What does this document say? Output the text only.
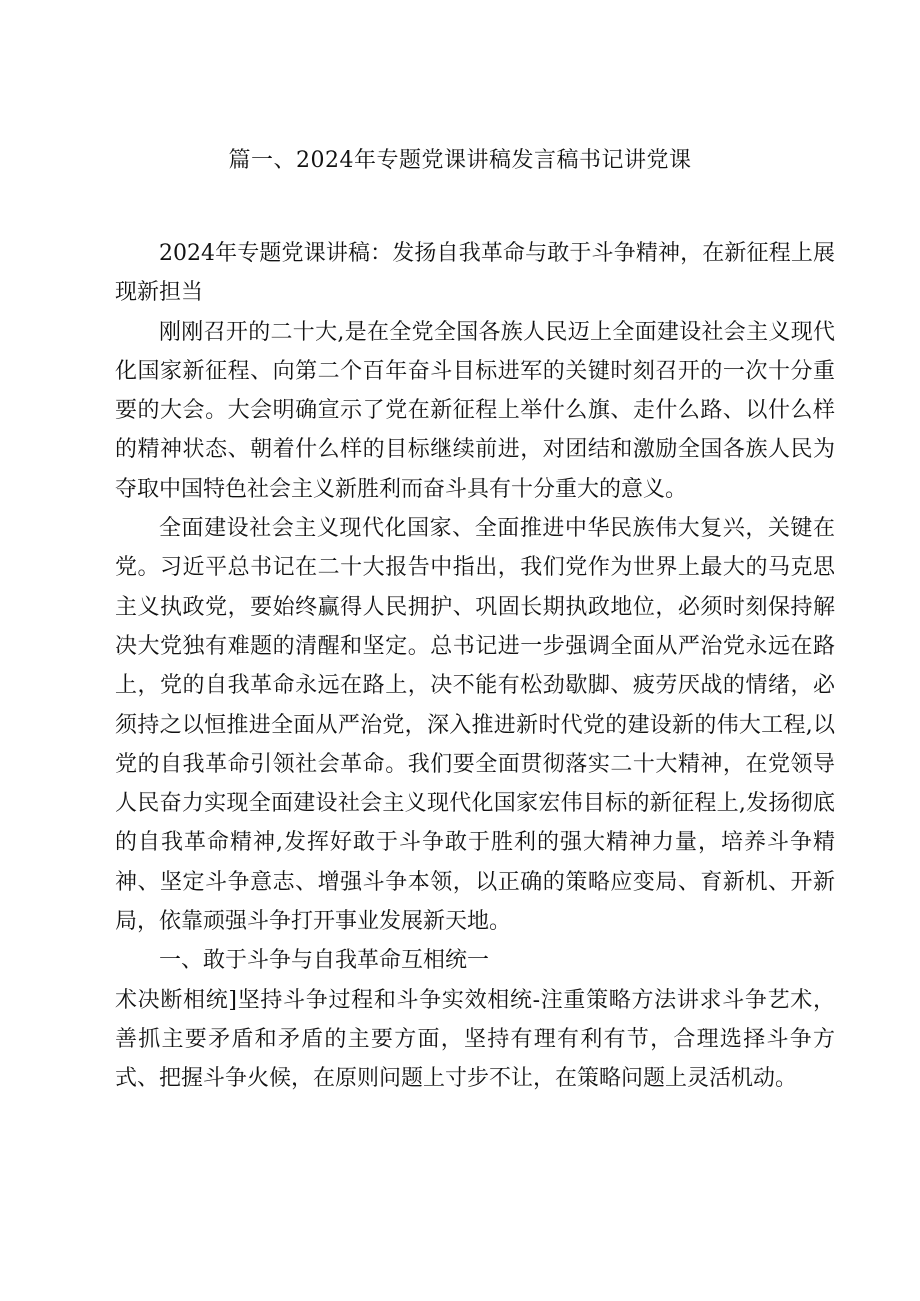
篇一、2024年专题党课讲稿发言稿书记讲党课

2024年专题党课讲稿：发扬自我革命与敢于斗争精神，在新征程上展现新担当

刚刚召开的二十大,是在全党全国各族人民迈上全面建设社会主义现代化国家新征程、向第二个百年奋斗目标进军的关键时刻召开的一次十分重要的大会。大会明确宣示了党在新征程上举什么旗、走什么路、以什么样的精神状态、朝着什么样的目标继续前进，对团结和激励全国各族人民为夺取中国特色社会主义新胜利而奋斗具有十分重大的意义。

全面建设社会主义现代化国家、全面推进中华民族伟大复兴，关键在党。习近平总书记在二十大报告中指出，我们党作为世界上最大的马克思主义执政党，要始终赢得人民拥护、巩固长期执政地位，必须时刻保持解决大党独有难题的清醒和坚定。总书记进一步强调全面从严治党永远在路上，党的自我革命永远在路上，决不能有松劲歇脚、疲劳厌战的情绪，必须持之以恒推进全面从严治党，深入推进新时代党的建设新的伟大工程,以党的自我革命引领社会革命。我们要全面贯彻落实二十大精神，在党领导人民奋力实现全面建设社会主义现代化国家宏伟目标的新征程上,发扬彻底的自我革命精神,发挥好敢于斗争敢于胜利的强大精神力量，培养斗争精神、坚定斗争意志、增强斗争本领，以正确的策略应变局、育新机、开新局，依靠顽强斗争打开事业发展新天地。

一、敢于斗争与自我革命互相统一

术决断相统]坚持斗争过程和斗争实效相统-注重策略方法讲求斗争艺术，善抓主要矛盾和矛盾的主要方面，坚持有理有利有节，合理选择斗争方式、把握斗争火候，在原则问题上寸步不让，在策略问题上灵活机动。
